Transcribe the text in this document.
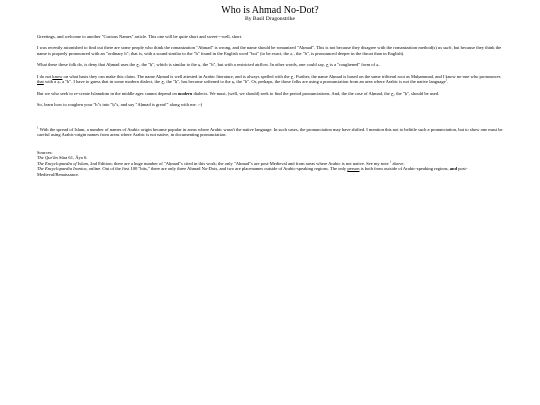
Who is Ahmad No-Dot?
By Basil Dragonstrike

Greetings, and welcome to another "Curious Names" article. This one will be quite short and sweet---well, short.

I was recently astonished to find out there are some people who think the romanization "Aḥmad" is wrong, and the name should be romanized "Aḥmad". This is not because they disagree with the romanization method(s) as such, but because they think the name is properly pronounced with an "ordinary h"; that is, with a sound similar to the "h" found in the English word "hot" (to be exact, the ه , the "h", is pronounced deeper in the throat than in English).

What these these folk do, is deny that Aḥmad uses the ح, the "ḥ", which is similar to the ه, the "h", but with a restricted airflow. In other words, one could say, ح is a "roughened" form of ه.

I do not know on what basis they can make this claim. The name Aḥmad is well attested in Arabic literature, and is always spelled with the ح. Further, the name Aḥmad is based on the same triliteral root as Muḥammad, and I know no-one who pronounces that with a ه, a "h". I have to guess that in some modern dialect, the ح, the "ḥ", has become softened to the ه, the "h". Or, perhaps, the those folks are using a pronunciation from an area where Arabic is not the native language$^1$.

But we who seek to re-create Islamdom in the middle ages cannot depend on modern dialects. We must, (well, we should) seek to find the period pronunciations. And, the the case of Aḥmad, the ح, the "ḥ", should be used.

So, learn how to roughen your "h"s into "ḥ"s, and say "Aḥmad is great!" along with me. :-)

$^1$ With the spread of Islam, a number of names of Arabic origin became popular in areas where Arabic wasn't the native language. In such cases, the pronunciation may have shifted. I mention this not to belittle such a pronunciation, but to show one must be careful using Arabic-origin names from areas where Arabic is not native, in documenting pronunciation.

Sources:

The Qur'ān Sūra 61, Āya 6.

The Encyclopaedia of Islam, 2nd Edition; there are a huge number of "Aḥmad"s cited in this work; the only "Ahmad"s are post-Medieval and from areas where Arabic is not native. See my note $^1$ above.

The Encyclopaedia Iranica, online. Out of the first 100 "hits," there are only three Ahmad No-Dots, and two are placenames outside of Arabic-speaking regions. The only person is both from outside of Arabic-speaking regions, and post-Medieval/Renaissance.
